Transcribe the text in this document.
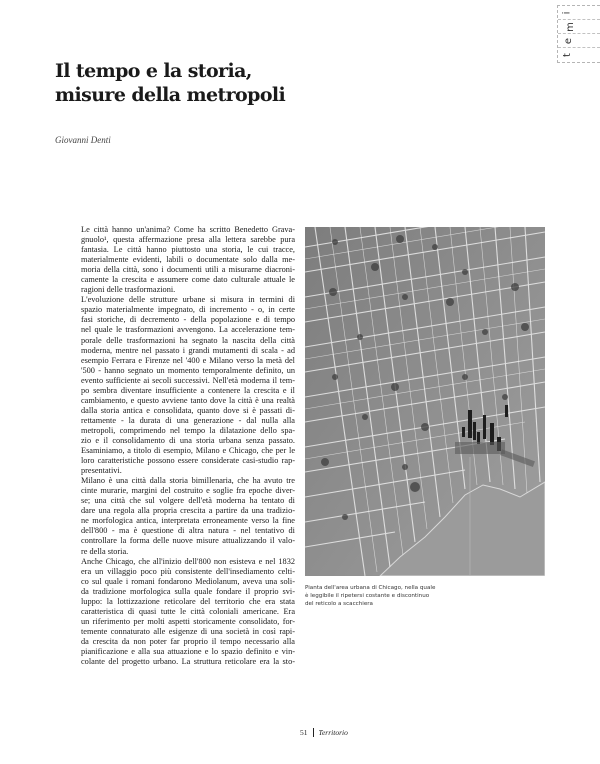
i
m
e
t
Il tempo e la storia,
misure della metropoli
Giovanni Denti
Le città hanno un'anima? Come ha scritto Benedetto Grava-
gnuolo¹, questa affermazione presa alla lettera sarebbe pura
fantasia. Le città hanno piuttosto una storia, le cui tracce,
materialmente evidenti, labili o documentate solo dalla me-
moria della città, sono i documenti utili a misurarne diacroni-
camente la crescita e assumere come dato culturale attuale le
ragioni delle trasformazioni.
L'evoluzione delle strutture urbane si misura in termini di
spazio materialmente impegnato, di incremento - o, in certe
fasi storiche, di decremento - della popolazione e di tempo
nel quale le trasformazioni avvengono. La accelerazione tem-
porale delle trasformazioni ha segnato la nascita della città
moderna, mentre nel passato i grandi mutamenti di scala - ad
esempio Ferrara e Firenze nel '400 e Milano verso la metà del
'500 - hanno segnato un momento temporalmente definito, un
evento sufficiente ai secoli successivi. Nell'età moderna il tem-
po sembra diventare insufficiente a contenere la crescita e il
cambiamento, e questo avviene tanto dove la città è una realtà
dalla storia antica e consolidata, quanto dove si è passati di-
rettamente - la durata di una generazione - dal nulla alla
metropoli, comprimendo nel tempo la dilatazione dello spa-
zio e il consolidamento di una storia urbana senza passato.
Esaminiamo, a titolo di esempio, Milano e Chicago, che per le
loro caratteristiche possono essere considerate casi-studio rap-
presentativi.
Milano è una città dalla storia bimillenaria, che ha avuto tre
cinte murarie, margini del costruito e soglie fra epoche diver-
se; una città che sul volgere dell'età moderna ha tentato di
dare una regola alla propria crescita a partire da una tradizio-
ne morfologica antica, interpretata erroneamente verso la fine
dell'800 - ma è questione di altra natura - nel tentativo di
controllare la forma delle nuove misure attualizzando il valo-
re della storia.
Anche Chicago, che all'inizio dell'800 non esisteva e nel 1832
era un villaggio poco più consistente dell'insediamento celti-
co sul quale i romani fondarono Mediolanum, aveva una soli-
da tradizione morfologica sulla quale fondare il proprio svi-
luppo: la lottizzazione reticolare del territorio che era stata
caratteristica di quasi tutte le città coloniali americane. Era
un riferimento per molti aspetti storicamente consolidato, for-
temente connaturato alle esigenze di una società in così rapi-
da crescita da non poter far proprio il tempo necessario alla
pianificazione e alla sua attuazione e lo spazio definito e vin-
colante del progetto urbano. La struttura reticolare era la sto-
Pianta dell'area urbana di Chicago, nella quale
è leggibile il ripetersi costante e discontinuo
del reticolo a scacchiera
51 Territorio
